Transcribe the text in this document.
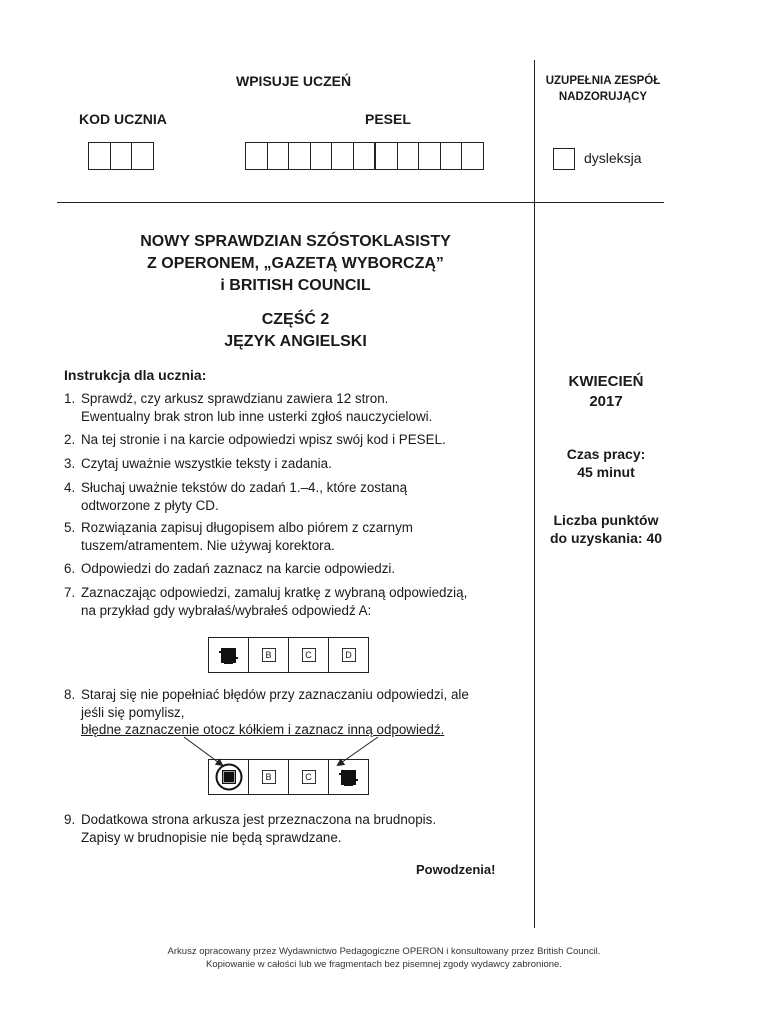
WPISUJE UCZEŃ
KOD UCZNIA	PESEL
UZUPEŁNIA ZESPÓŁ
NADZORUJĄCY
dysleksja
NOWY SPRAWDZIAN SZÓSTOKLASISTY
Z OPERONEM, „GAZETĄ WYBORCZĄ”
i BRITISH COUNCIL
CZĘŚĆ 2
JĘZYK ANGIELSKI
Instrukcja dla ucznia:
1. Sprawdź, czy arkusz sprawdzianu zawiera 12 stron.
Ewentualny brak stron lub inne usterki zgłoś nauczycielowi.
2. Na tej stronie i na karcie odpowiedzi wpisz swój kod i PESEL.
3. Czytaj uważnie wszystkie teksty i zadania.
4. Słuchaj uważnie tekstów do zadań 1.–4., które zostaną
odtworzone z płyty CD.
5. Rozwiązania zapisuj długopisem albo piórem z czarnym
tuszem/atramentem. Nie używaj korektora.
6. Odpowiedzi do zadań zaznacz na karcie odpowiedzi.
7. Zaznaczając odpowiedzi, zamaluj kratkę z wybraną odpowiedzią,
na przykład gdy wybrałaś/wybrałeś odpowiedź A:
8. Staraj się nie popełniać błędów przy zaznaczaniu odpowiedzi, ale
jeśli się pomylisz,
błędne zaznaczenie otocz kółkiem i zaznacz inną odpowiedź.
9. Dodatkowa strona arkusza jest przeznaczona na brudnopis.
Zapisy w brudnopisie nie będą sprawdzane.
B	C	D
B	C
Powodzenia!
KWIECIEŃ
2017
Czas pracy:
45 minut
Liczba punktów
do uzyskania: 40
Arkusz opracowany przez Wydawnictwo Pedagogiczne OPERON i konsultowany przez British Council.
Kopiowanie w całości lub we fragmentach bez pisemnej zgody wydawcy zabronione.
